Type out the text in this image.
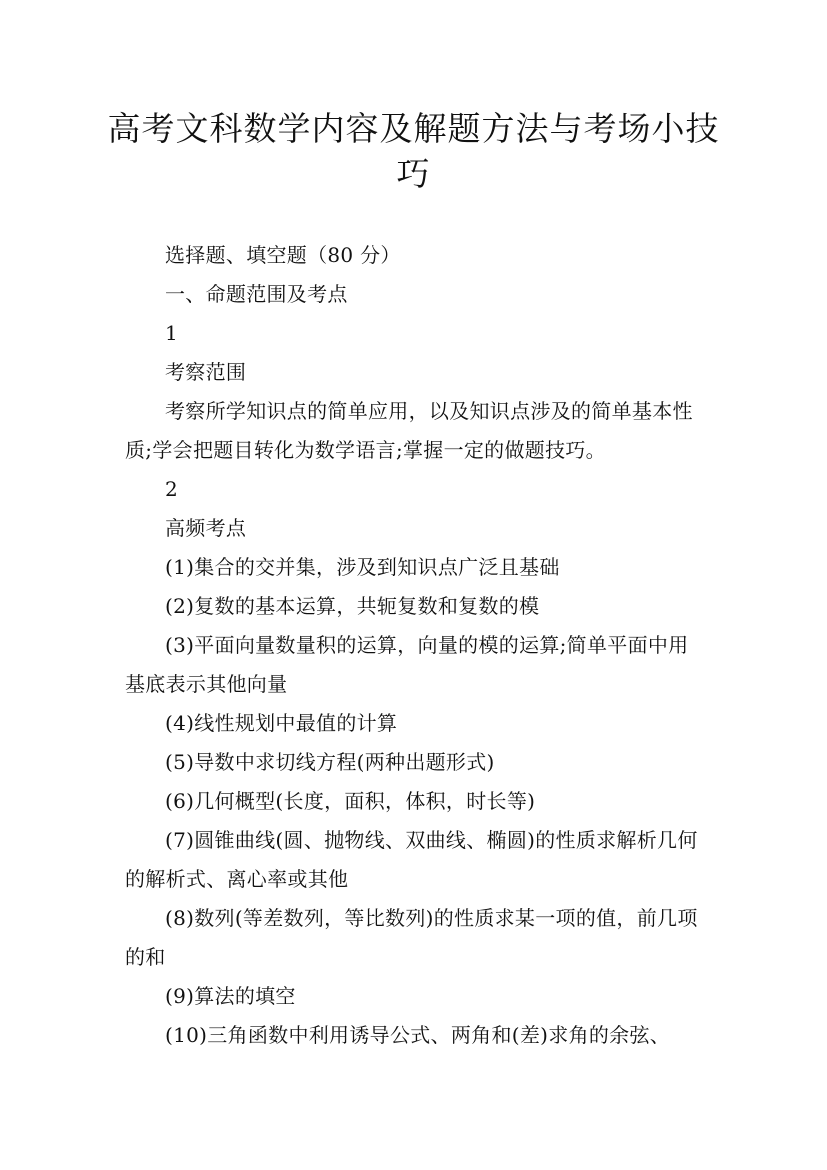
高考文科数学内容及解题方法与考场小技
巧

选择题、填空题（80 分）

一、命题范围及考点

1

考察范围

考察所学知识点的简单应用，以及知识点涉及的简单基本性质;学会把题目转化为数学语言;掌握一定的做题技巧。

2

高频考点

(1)集合的交并集，涉及到知识点广泛且基础

(2)复数的基本运算，共轭复数和复数的模

(3)平面向量数量积的运算，向量的模的运算;简单平面中用基底表示其他向量

(4)线性规划中最值的计算

(5)导数中求切线方程(两种出题形式)

(6)几何概型(长度，面积，体积，时长等)

(7)圆锥曲线(圆、抛物线、双曲线、椭圆)的性质求解析几何的解析式、离心率或其他

(8)数列(等差数列，等比数列)的性质求某一项的值，前几项的和

(9)算法的填空

(10)三角函数中利用诱导公式、两角和(差)求角的余弦、
